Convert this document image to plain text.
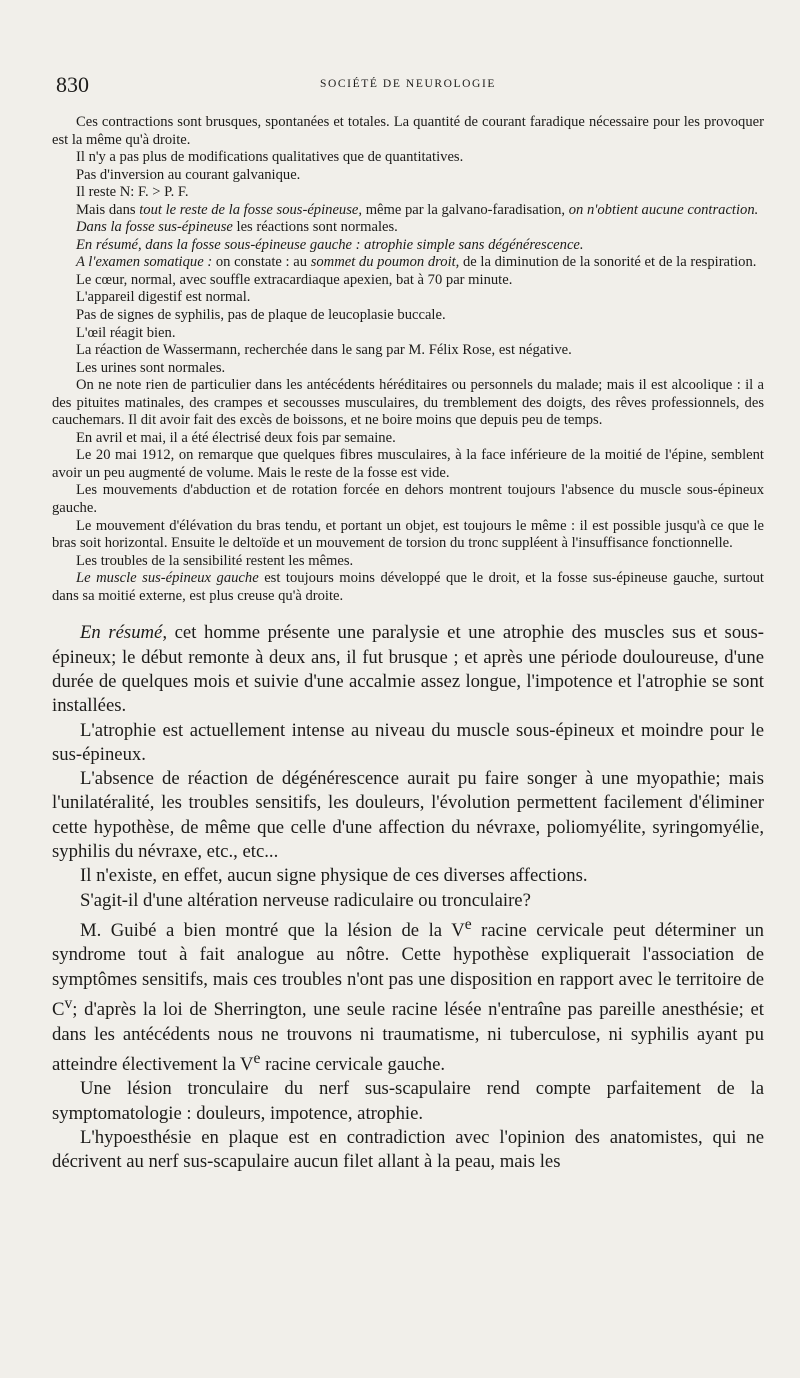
830	SOCIÉTÉ DE NEUROLOGIE

Ces contractions sont brusques, spontanées et totales. La quantité de courant faradique nécessaire pour les provoquer est la même qu'à droite.

Il n'y a pas plus de modifications qualitatives que de quantitatives.

Pas d'inversion au courant galvanique.

Il reste N: F. > P. F.

Mais dans tout le reste de la fosse sous-épineuse, même par la galvano-faradisation, on n'obtient aucune contraction.

Dans la fosse sus-épineuse les réactions sont normales.

En résumé, dans la fosse sous-épineuse gauche : atrophie simple sans dégénérescence.

A l'examen somatique : on constate : au sommet du poumon droit, de la diminution de la sonorité et de la respiration.

Le cœur, normal, avec souffle extracardiaque apexien, bat à 70 par minute.

L'appareil digestif est normal.

Pas de signes de syphilis, pas de plaque de leucoplasie buccale.

L'œil réagit bien.

La réaction de Wassermann, recherchée dans le sang par M. Félix Rose, est négative.

Les urines sont normales.

On ne note rien de particulier dans les antécédents héréditaires ou personnels du malade; mais il est alcoolique : il a des pituites matinales, des crampes et secousses musculaires, du tremblement des doigts, des rêves professionnels, des cauchemars. Il dit avoir fait des excès de boissons, et ne boire moins que depuis peu de temps.

En avril et mai, il a été électrisé deux fois par semaine.

Le 20 mai 1912, on remarque que quelques fibres musculaires, à la face inférieure de la moitié de l'épine, semblent avoir un peu augmenté de volume. Mais le reste de la fosse est vide.

Les mouvements d'abduction et de rotation forcée en dehors montrent toujours l'absence du muscle sous-épineux gauche.

Le mouvement d'élévation du bras tendu, et portant un objet, est toujours le même : il est possible jusqu'à ce que le bras soit horizontal. Ensuite le deltoïde et un mouvement de torsion du tronc suppléent à l'insuffisance fonctionnelle.

Les troubles de la sensibilité restent les mêmes.

Le muscle sus-épineux gauche est toujours moins développé que le droit, et la fosse sus-épineuse gauche, surtout dans sa moitié externe, est plus creuse qu'à droite.

En résumé, cet homme présente une paralysie et une atrophie des muscles sus et sous-épineux; le début remonte à deux ans, il fut brusque ; et après une période douloureuse, d'une durée de quelques mois et suivie d'une accalmie assez longue, l'impotence et l'atrophie se sont installées.

L'atrophie est actuellement intense au niveau du muscle sous-épineux et moindre pour le sus-épineux.

L'absence de réaction de dégénérescence aurait pu faire songer à une myopathie; mais l'unilatéralité, les troubles sensitifs, les douleurs, l'évolution permettent facilement d'éliminer cette hypothèse, de même que celle d'une affection du névraxe, poliomyélite, syringomyélie, syphilis du névraxe, etc., etc...

Il n'existe, en effet, aucun signe physique de ces diverses affections.

S'agit-il d'une altération nerveuse radiculaire ou tronculaire?

M. Guibé a bien montré que la lésion de la Ve racine cervicale peut déterminer un syndrome tout à fait analogue au nôtre. Cette hypothèse expliquerait l'association de symptômes sensitifs, mais ces troubles n'ont pas une disposition en rapport avec le territoire de $C^v$; d'après la loi de Sherrington, une seule racine lésée n'entraîne pas pareille anesthésie; et dans les antécédents nous ne trouvons ni traumatisme, ni tuberculose, ni syphilis ayant pu atteindre électivement la Ve racine cervicale gauche.

Une lésion tronculaire du nerf sus-scapulaire rend compte parfaitement de la symptomatologie : douleurs, impotence, atrophie.

L'hypoesthésie en plaque est en contradiction avec l'opinion des anatomistes, qui ne décrivent au nerf sus-scapulaire aucun filet allant à la peau, mais les
